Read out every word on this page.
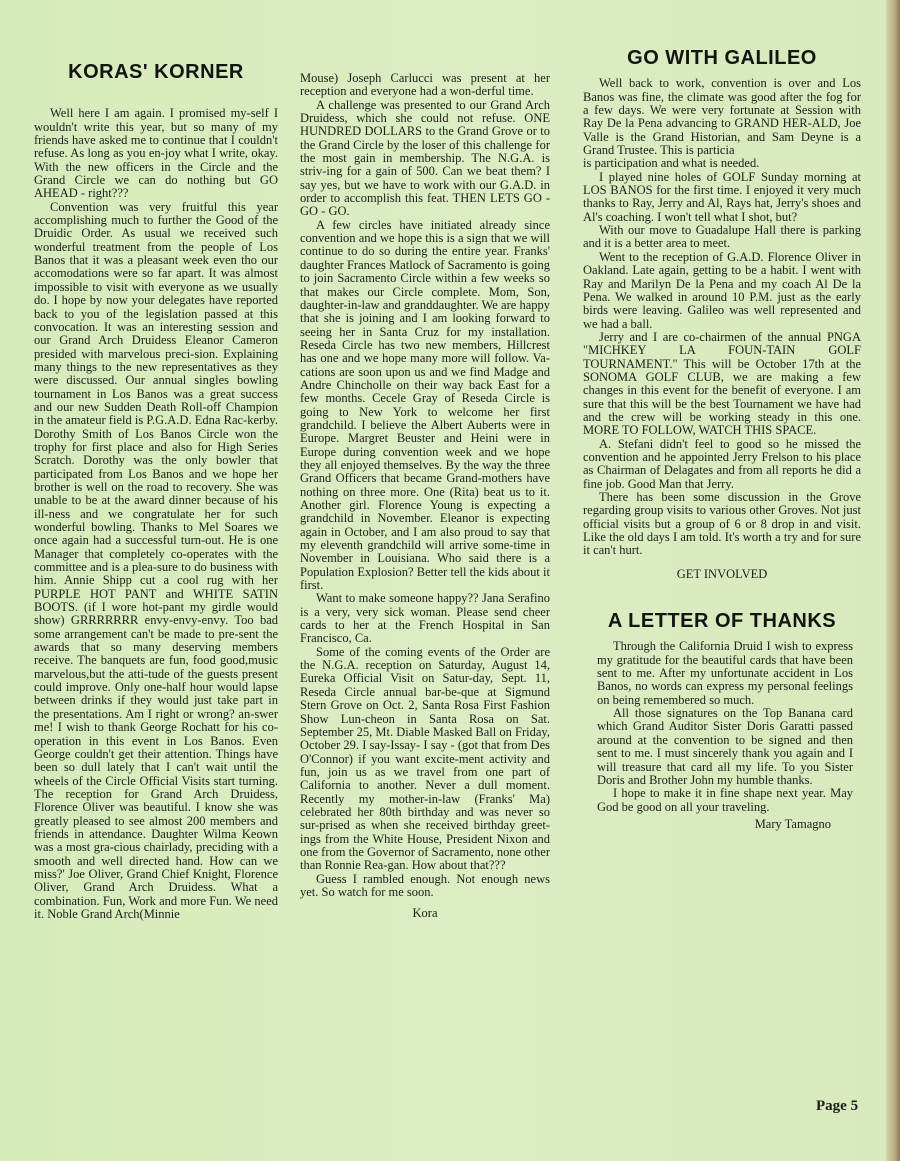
KORAS' KORNER

Well here I am again. I promised my-self I wouldn't write this year, but so many of my friends have asked me to continue that I couldn't refuse. As long as you en-joy what I write, okay. With the new officers in the Circle and the Grand Circle we can do nothing but GO AHEAD - right???

Convention was very fruitful this year accomplishing much to further the Good of the Druidic Order. As usual we received such wonderful treatment from the people of Los Banos that it was a pleasant week even tho our accomodations were so far apart. It was almost impossible to visit with everyone as we usually do. I hope by now your delegates have reported back to you of the legislation passed at this convocation. It was an interesting session and our Grand Arch Druidess Eleanor Cameron presided with marvelous preci-sion. Explaining many things to the new representatives as they were discussed. Our annual singles bowling tournament in Los Banos was a great success and our new Sudden Death Roll-off Champion in the amateur field is P.G.A.D. Edna Rac-kerby. Dorothy Smith of Los Banos Circle won the trophy for first place and also for High Series Scratch. Dorothy was the only bowler that participated from Los Banos and we hope her brother is well on the road to recovery. She was unable to be at the award dinner because of his ill-ness and we congratulate her for such wonderful bowling. Thanks to Mel Soares we once again had a successful turn-out. He is one Manager that completely co-operates with the committee and is a plea-sure to do business with him. Annie Shipp cut a cool rug with her PURPLE HOT PANT and WHITE SATIN BOOTS. (if I wore hot-pant my girdle would show) GRRRRRRR envy-envy-envy. Too bad some arrangement can't be made to pre-sent the awards that so many deserving members receive. The banquets are fun, food good,music marvelous,but the atti-tude of the guests present could improve. Only one-half hour would lapse between drinks if they would just take part in the presentations. Am I right or wrong? an-swer me! I wish to thank George Rochatt for his co-operation in this event in Los Banos. Even George couldn't get their attention. Things have been so dull lately that I can't wait until the wheels of the Circle Official Visits start turning. The reception for Grand Arch Druidess, Florence Oliver was beautiful. I know she was greatly pleased to see almost 200 members and friends in attendance. Daughter Wilma Keown was a most gra-cious chairlady, preciding with a smooth and well directed hand. How can we miss?' Joe Oliver, Grand Chief Knight, Florence Oliver, Grand Arch Druidess. What a combination. Fun, Work and more Fun. We need it. Noble Grand Arch(Minnie

Mouse) Joseph Carlucci was present at her reception and everyone had a won-derful time.

A challenge was presented to our Grand Arch Druidess, which she could not refuse. ONE HUNDRED DOLLARS to the Grand Grove or to the Grand Circle by the loser of this challenge for the most gain in membership. The N.G.A. is striv-ing for a gain of 500. Can we beat them? I say yes, but we have to work with our G.A.D. in order to accomplish this feat. THEN LETS GO - GO - GO.

A few circles have initiated already since convention and we hope this is a sign that we will continue to do so during the entire year. Franks' daughter Frances Matlock of Sacramento is going to join Sacramento Circle within a few weeks so that makes our Circle complete. Mom, Son, daughter-in-law and granddaughter. We are happy that she is joining and I am looking forward to seeing her in Santa Cruz for my installation. Reseda Circle has two new members, Hillcrest has one and we hope many more will follow. Va-cations are soon upon us and we find Madge and Andre Chincholle on their way back East for a few months. Cecele Gray of Reseda Circle is going to New York to welcome her first grandchild. I believe the Albert Auberts were in Europe. Margret Beuster and Heini were in Europe during convention week and we hope they all enjoyed themselves. By the way the three Grand Officers that became Grand-mothers have nothing on three more. One (Rita) beat us to it. Another girl. Florence Young is expecting a grandchild in November. Eleanor is expecting again in October, and I am also proud to say that my eleventh grandchild will arrive some-time in November in Louisiana. Who said there is a Population Explosion? Better tell the kids about it first.

Want to make someone happy?? Jana Serafino is a very, very sick woman. Please send cheer cards to her at the French Hospital in San Francisco, Ca.

Some of the coming events of the Order are the N.G.A. reception on Saturday, August 14, Eureka Official Visit on Satur-day, Sept. 11, Reseda Circle annual bar-be-que at Sigmund Stern Grove on Oct. 2, Santa Rosa First Fashion Show Lun-cheon in Santa Rosa on Sat. September 25, Mt. Diable Masked Ball on Friday, October 29. I say-Issay- I say - (got that from Des O'Connor) if you want excite-ment activity and fun, join us as we travel from one part of California to another. Never a dull moment. Recently my mother-in-law (Franks' Ma) celebrated her 80th birthday and was never so sur-prised as when she received birthday greet-ings from the White House, President Nixon and one from the Governor of Sacramento, none other than Ronnie Rea-gan. How about that???

Guess I rambled enough. Not enough news yet. So watch for me soon.

Kora

GO WITH GALILEO

Well back to work, convention is over and Los Banos was fine, the climate was good after the fog for a few days. We were very fortunate at Session with Ray De la Pena advancing to GRAND HER-ALD, Joe Valle is the Grand Historian, and Sam Deyne is a Grand Trustee. This is particia

is participation and what is needed.

I played nine holes of GOLF Sunday morning at LOS BANOS for the first time. I enjoyed it very much thanks to Ray, Jerry and Al, Rays hat, Jerry's shoes and Al's coaching. I won't tell what I shot, but?

With our move to Guadalupe Hall there is parking and it is a better area to meet.

Went to the reception of G.A.D. Florence Oliver in Oakland. Late again, getting to be a habit. I went with Ray and Marilyn De la Pena and my coach Al De la Pena. We walked in around 10 P.M. just as the early birds were leaving. Galileo was well represented and we had a ball.

Jerry and I are co-chairmen of the annual PNGA "MICHKEY LA FOUN-TAIN GOLF TOURNAMENT." This will be October 17th at the SONOMA GOLF CLUB, we are making a few changes in this event for the benefit of everyone. I am sure that this will be the best Tournament we have had and the crew will be working steady in this one. MORE TO FOLLOW, WATCH THIS SPACE.

A. Stefani didn't feel to good so he missed the convention and he appointed Jerry Frelson to his place as Chairman of Delagates and from all reports he did a fine job. Good Man that Jerry.

There has been some discussion in the Grove regarding group visits to various other Groves. Not just official visits but a group of 6 or 8 drop in and visit. Like the old days I am told. It's worth a try and for sure it can't hurt.

GET INVOLVED

A LETTER OF THANKS

Through the California Druid I wish to express my gratitude for the beautiful cards that have been sent to me. After my unfortunate accident in Los Banos, no words can express my personal feelings on being remembered so much.

All those signatures on the Top Banana card which Grand Auditor Sister Doris Garatti passed around at the convention to be signed and then sent to me. I must sincerely thank you again and I will treasure that card all my life. To you Sister Doris and Brother John my humble thanks.

I hope to make it in fine shape next year. May God be good on all your traveling.

Mary Tamagno

Page 5
